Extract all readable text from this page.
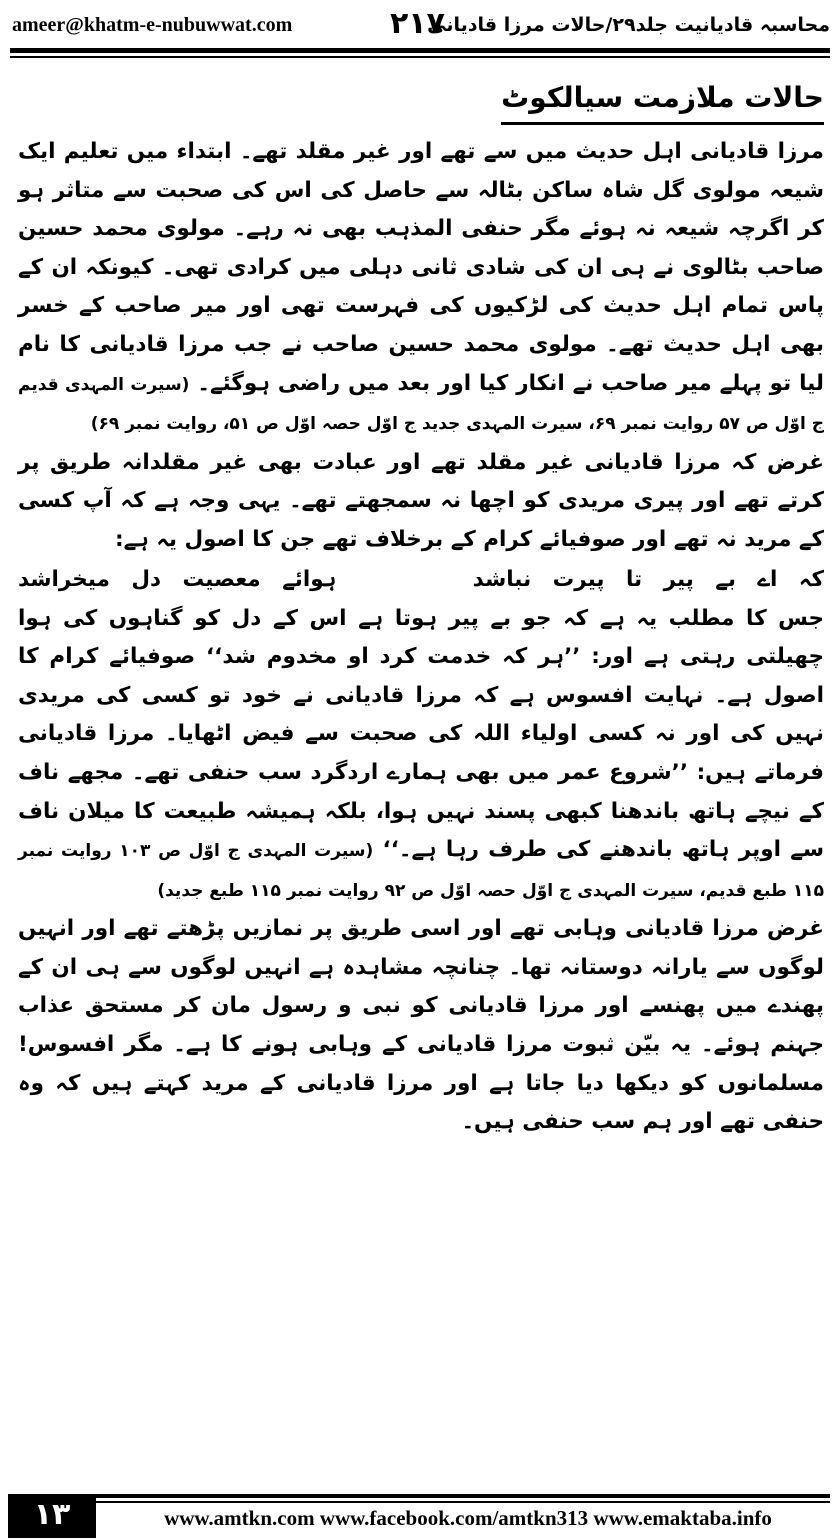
ameer@khatm-e-nubuwwat.com	۲۱۷
محاسبہ قادیانیت جلد۲۹/حالات مرزا قادیانی
حالات ملازمت سیالکوٹ

مرزا قادیانی اہل حدیث میں سے تھے اور غیر مقلد تھے۔ ابتداء میں تعلیم ایک شیعہ مولوی گل شاہ ساکن بٹالہ سے حاصل کی اس کی صحبت سے متاثر ہو کر اگرچہ شیعہ نہ ہوئے مگر حنفی المذہب بھی نہ رہے۔ مولوی محمد حسین صاحب بٹالوی نے ہی ان کی شادی ثانی دہلی میں کرادی تھی۔ کیونکہ ان کے پاس تمام اہل حدیث کی لڑکیوں کی فہرست تھی اور میر صاحب کے خسر بھی اہل حدیث تھے۔ مولوی محمد حسین صاحب نے جب مرزا قادیانی کا نام لیا تو پہلے میر صاحب نے انکار کیا اور بعد میں راضی ہوگئے۔ (سیرت المہدی قدیم ج اوّل ص ۵۷ روایت نمبر ۶۹، سیرت المہدی جدید ج اوّل حصہ اوّل ص ۵۱، روایت نمبر ۶۹)

غرض کہ مرزا قادیانی غیر مقلد تھے اور عبادت بھی غیر مقلدانہ طریق پر کرتے تھے اور پیری مریدی کو اچھا نہ سمجھتے تھے۔ یہی وجہ ہے کہ آپ کسی کے مرید نہ تھے اور صوفیائے کرام کے برخلاف تھے جن کا اصول یہ ہے:

کہ اے بے پیر تا پیرت نباشد
ہوائے معصیت دل میخراشد

جس کا مطلب یہ ہے کہ جو بے پیر ہوتا ہے اس کے دل کو گناہوں کی ہوا چھیلتی رہتی ہے اور: ’’ہر کہ خدمت کرد او مخدوم شد‘‘ صوفیائے کرام کا اصول ہے۔ نہایت افسوس ہے کہ مرزا قادیانی نے خود تو کسی کی مریدی نہیں کی اور نہ کسی اولیاء اللہ کی صحبت سے فیض اٹھایا۔ مرزا قادیانی فرماتے ہیں: ’’شروع عمر میں بھی ہمارے اردگرد سب حنفی تھے۔ مجھے ناف کے نیچے ہاتھ باندھنا کبھی پسند نہیں ہوا، بلکہ ہمیشہ طبیعت کا میلان ناف سے اوپر ہاتھ باندھنے کی طرف رہا ہے۔‘‘ (سیرت المہدی ج اوّل ص ۱۰۳ روایت نمبر ۱۱۵ طبع قدیم، سیرت المہدی ج اوّل حصہ اوّل ص ۹۲ روایت نمبر ۱۱۵ طبع جدید)

غرض مرزا قادیانی وہابی تھے اور اسی طریق پر نمازیں پڑھتے تھے اور انہیں لوگوں سے یارانہ دوستانہ تھا۔ چنانچہ مشاہدہ ہے انہیں لوگوں سے ہی ان کے پھندے میں پھنسے اور مرزا قادیانی کو نبی و رسول مان کر مستحق عذاب جہنم ہوئے۔ یہ بیّن ثبوت مرزا قادیانی کے وہابی ہونے کا ہے۔ مگر افسوس! مسلمانوں کو دیکھا دیا جاتا ہے اور مرزا قادیانی کے مرید کہتے ہیں کہ وہ حنفی تھے اور ہم سب حنفی ہیں۔

۱۳	www.amtkn.com www.facebook.com/amtkn313 www.emaktaba.info
